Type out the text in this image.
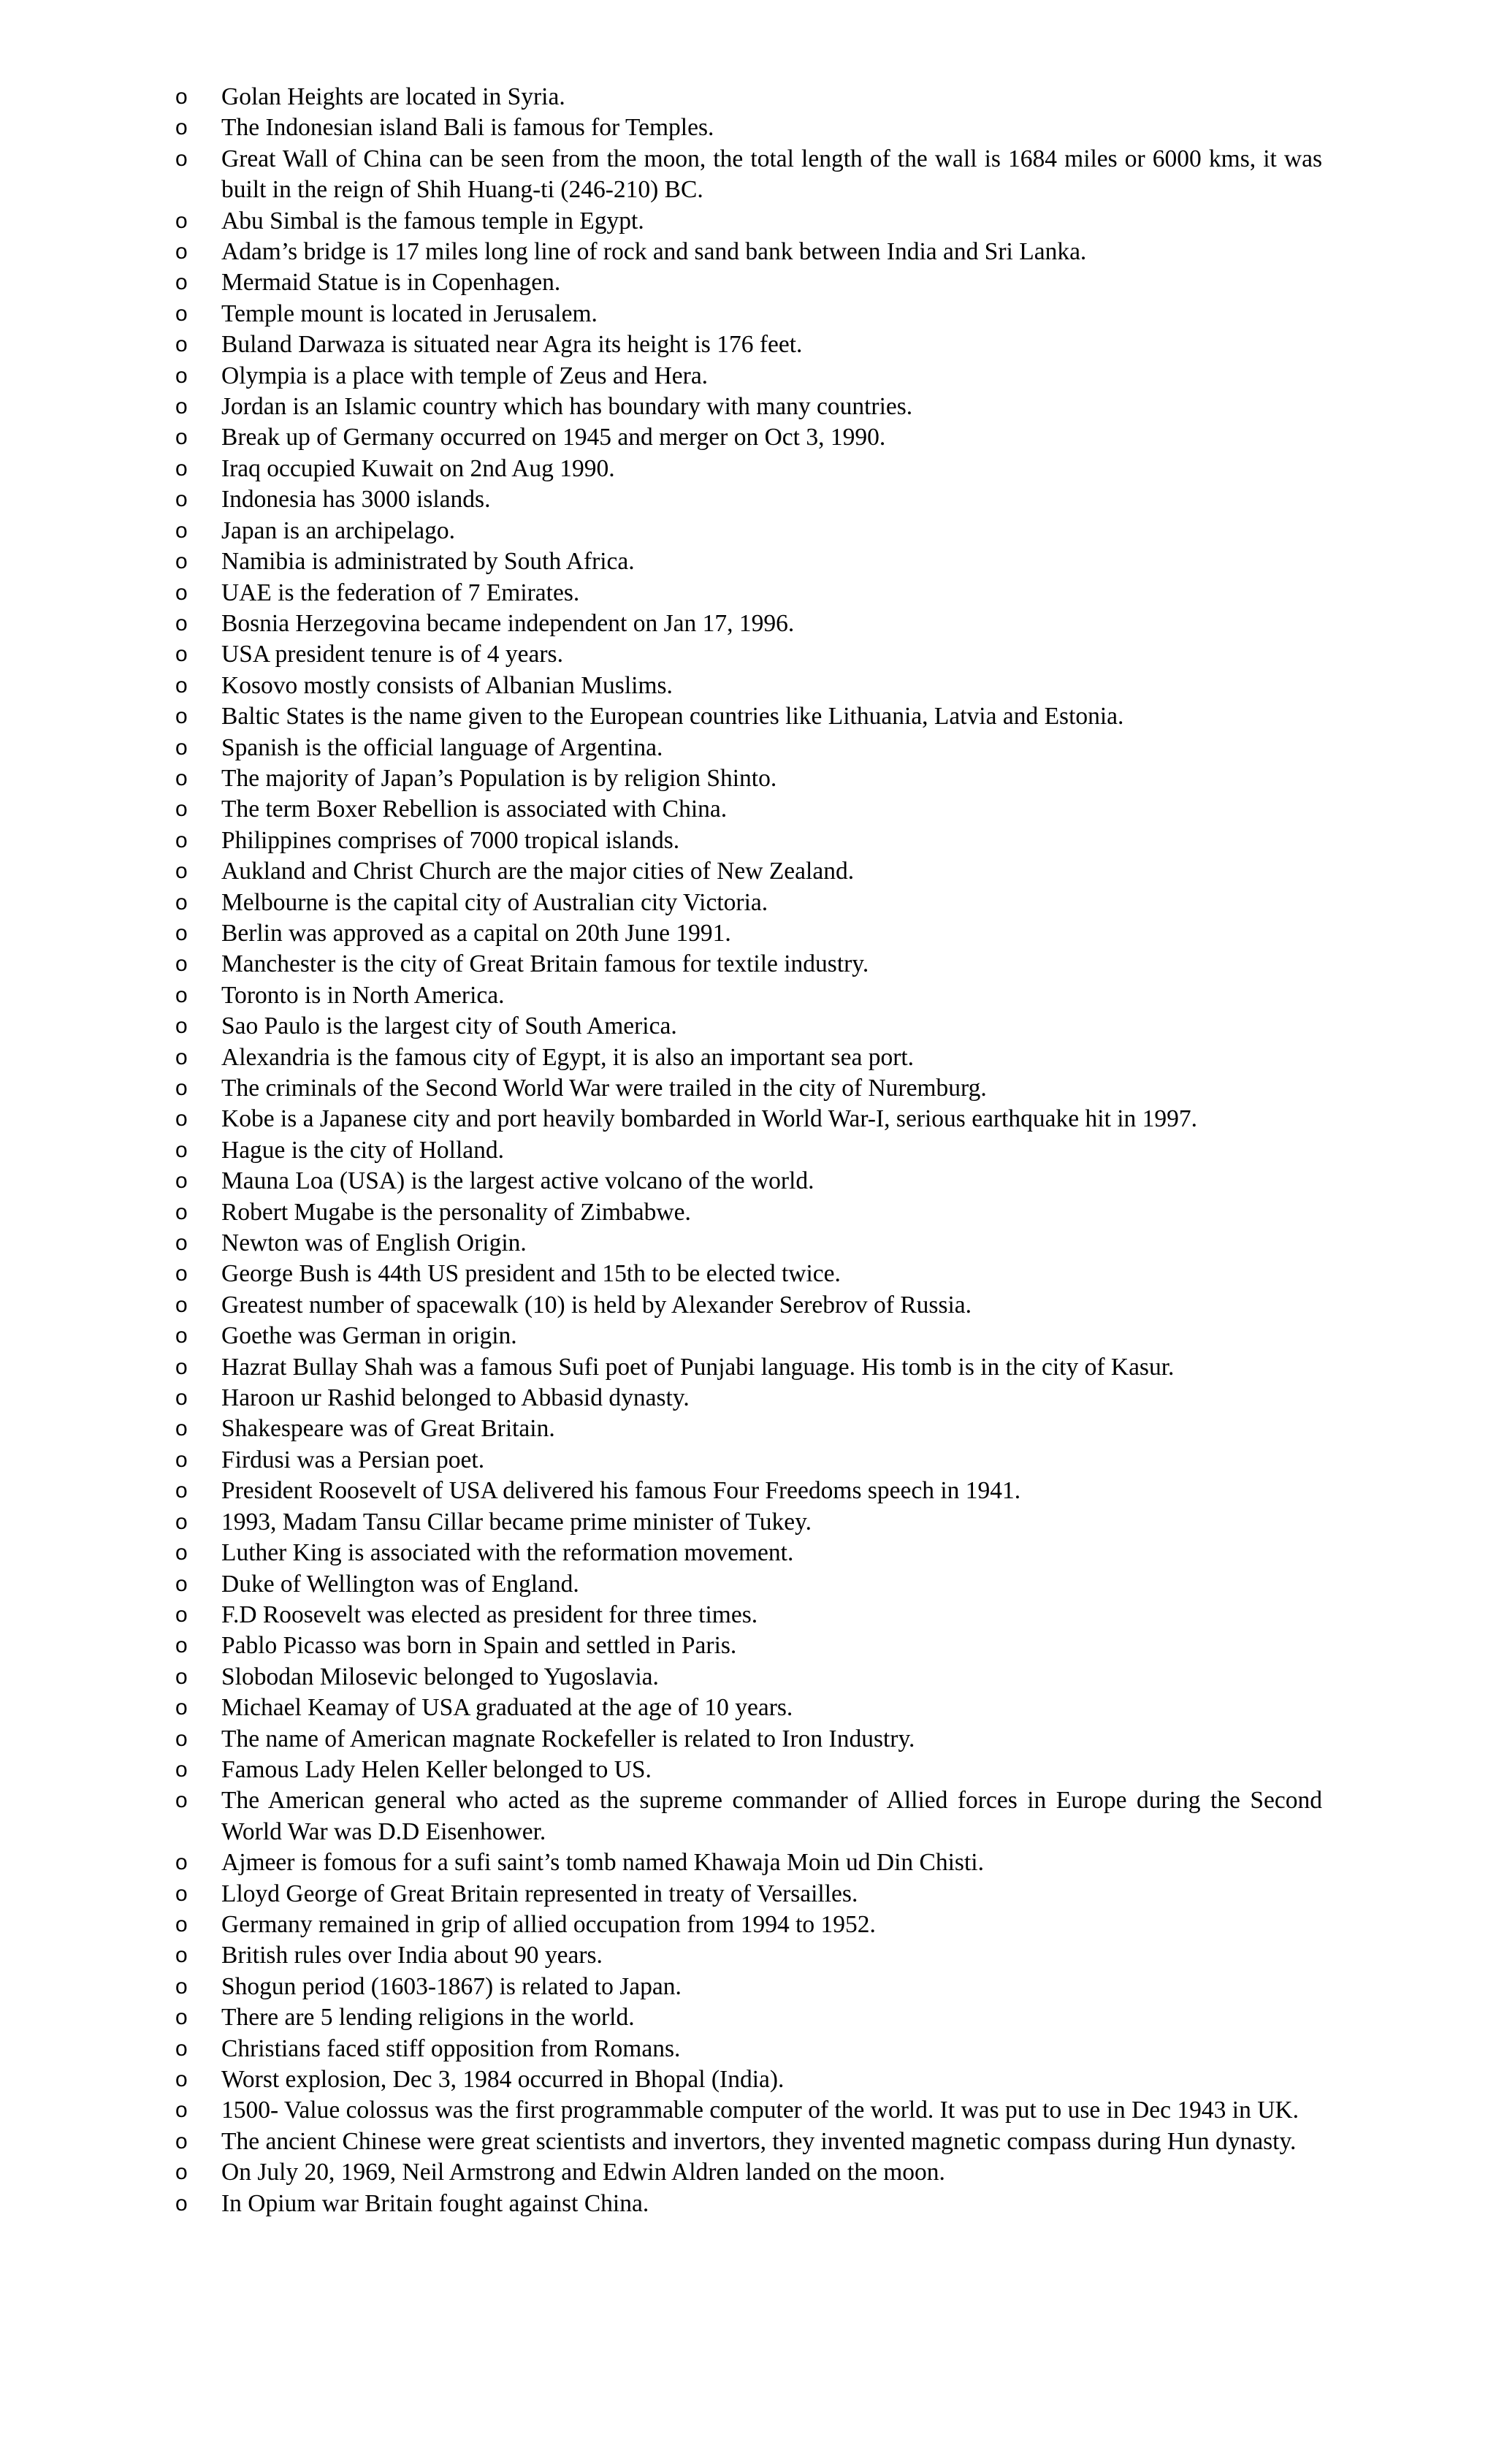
o Golan Heights are located in Syria.
o The Indonesian island Bali is famous for Temples.
o Great Wall of China can be seen from the moon, the total length of the wall is 1684 miles or 6000 kms, it was built in the reign of Shih Huang-ti (246-210) BC.
o Abu Simbal is the famous temple in Egypt.
o Adam’s bridge is 17 miles long line of rock and sand bank between India and Sri Lanka.
o Mermaid Statue is in Copenhagen.
o Temple mount is located in Jerusalem.
o Buland Darwaza is situated near Agra its height is 176 feet.
o Olympia is a place with temple of Zeus and Hera.
o Jordan is an Islamic country which has boundary with many countries.
o Break up of Germany occurred on 1945 and merger on Oct 3, 1990.
o Iraq occupied Kuwait on 2nd Aug 1990.
o Indonesia has 3000 islands.
o Japan is an archipelago.
o Namibia is administrated by South Africa.
o UAE is the federation of 7 Emirates.
o Bosnia Herzegovina became independent on Jan 17, 1996.
o USA president tenure is of 4 years.
o Kosovo mostly consists of Albanian Muslims.
o Baltic States is the name given to the European countries like Lithuania, Latvia and Estonia.
o Spanish is the official language of Argentina.
o The majority of Japan’s Population is by religion Shinto.
o The term Boxer Rebellion is associated with China.
o Philippines comprises of 7000 tropical islands.
o Aukland and Christ Church are the major cities of New Zealand.
o Melbourne is the capital city of Australian city Victoria.
o Berlin was approved as a capital on 20th June 1991.
o Manchester is the city of Great Britain famous for textile industry.
o Toronto is in North America.
o Sao Paulo is the largest city of South America.
o Alexandria is the famous city of Egypt, it is also an important sea port.
o The criminals of the Second World War were trailed in the city of Nuremburg.
o Kobe is a Japanese city and port heavily bombarded in World War-I, serious earthquake hit in 1997.
o Hague is the city of Holland.
o Mauna Loa (USA) is the largest active volcano of the world.
o Robert Mugabe is the personality of Zimbabwe.
o Newton was of English Origin.
o George Bush is 44th US president and 15th to be elected twice.
o Greatest number of spacewalk (10) is held by Alexander Serebrov of Russia.
o Goethe was German in origin.
o Hazrat Bullay Shah was a famous Sufi poet of Punjabi language. His tomb is in the city of Kasur.
o Haroon ur Rashid belonged to Abbasid dynasty.
o Shakespeare was of Great Britain.
o Firdusi was a Persian poet.
o President Roosevelt of USA delivered his famous Four Freedoms speech in 1941.
o 1993, Madam Tansu Cillar became prime minister of Tukey.
o Luther King is associated with the reformation movement.
o Duke of Wellington was of England.
o F.D Roosevelt was elected as president for three times.
o Pablo Picasso was born in Spain and settled in Paris.
o Slobodan Milosevic belonged to Yugoslavia.
o Michael Keamay of USA graduated at the age of 10 years.
o The name of American magnate Rockefeller is related to Iron Industry.
o Famous Lady Helen Keller belonged to US.
o The American general who acted as the supreme commander of Allied forces in Europe during the Second World War was D.D Eisenhower.
o Ajmeer is fomous for a sufi saint’s tomb named Khawaja Moin ud Din Chisti.
o Lloyd George of Great Britain represented in treaty of Versailles.
o Germany remained in grip of allied occupation from 1994 to 1952.
o British rules over India about 90 years.
o Shogun period (1603-1867) is related to Japan.
o There are 5 lending religions in the world.
o Christians faced stiff opposition from Romans.
o Worst explosion, Dec 3, 1984 occurred in Bhopal (India).
o 1500- Value colossus was the first programmable computer of the world. It was put to use in Dec 1943 in UK.
o The ancient Chinese were great scientists and invertors, they invented magnetic compass during Hun dynasty.
o On July 20, 1969, Neil Armstrong and Edwin Aldren landed on the moon.
o In Opium war Britain fought against China.
